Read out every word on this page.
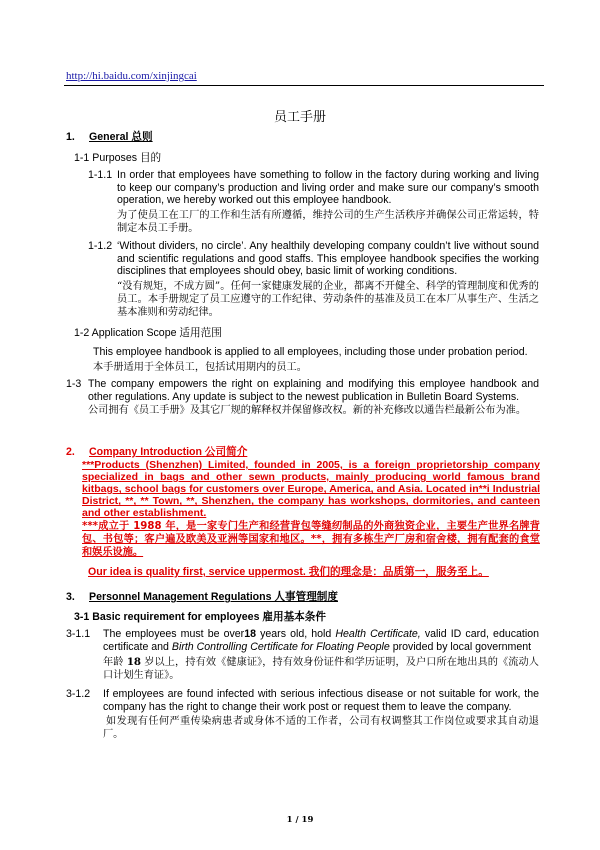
http://hi.baidu.com/xinjingcai
员工手册
1. General 总则
1-1 Purposes 目的
1-1.1 In order that employees have something to follow in the factory during working and living to keep our company’s production and living order and make sure our company’s smooth operation, we hereby worked out this employee handbook.
为了使员工在工厂的工作和生活有所遵循，维持公司的生产生活秩序并确保公司正常运转，特制定本员工手册。
1-1.2 ‘Without dividers, no circle’. Any healthily developing company couldn’t live without sound and scientific regulations and good staffs. This employee handbook specifies the working disciplines that employees should obey, basic limit of working conditions.
“没有规矩，不成方圆”。任何一家健康发展的企业，都离不开健全、科学的管理制度和优秀的员工。本手册规定了员工应遵守的工作纪律、劳动条件的基准及员工在本厂从事生产、生活之基本准则和劳动纪律。
1-2 Application Scope 适用范围
This employee handbook is applied to all employees, including those under probation period.
本手册适用于全体员工，包括试用期内的员工。
1-3 The company empowers the right on explaining and modifying this employee handbook and other regulations. Any update is subject to the newest publication in Bulletin Board Systems.
公司拥有《员工手册》及其它厂规的解释权并保留修改权。新的补充修改以通告栏最新公布为准。
2. Company Introduction 公司简介
***Products (Shenzhen) Limited, founded in 2005, is a foreign proprietorship company specialized in bags and other sewn products, mainly producing world famous brand kitbags, school bags for customers over Europe, America, and Asia. Located in**i Industrial District, **, ** Town, **, Shenzhen, the company has workshops, dormitories, and canteen and other establishment.
***成立于 1988 年，是一家专门生产和经营背包等缝纫制品的外商独资企业，主要生产世界名牌背包、书包等；客户遍及欧美及亚洲等国家和地区。**，拥有多栋生产厂房和宿舍楼，拥有配套的食堂和娱乐设施。
Our idea is quality first, service uppermost. 我们的理念是：品质第一，服务至上。
3. Personnel Management Regulations 人事管理制度
3-1 Basic requirement for employees 雇用基本条件
3-1.1 The employees must be over18 years old, hold Health Certificate, valid ID card, education certificate and Birth Controlling Certificate for Floating People provided by local government
年龄 18 岁以上，持有效《健康证》，持有效身份证件和学历证明，及户口所在地出具的《流动人口计划生育证》。
3-1.2 If employees are found infected with serious infectious disease or not suitable for work, the company has the right to change their work post or request them to leave the company.
如发现有任何严重传染病患者或身体不适的工作者，公司有权调整其工作岗位或要求其自动退厂。
1 / 19
